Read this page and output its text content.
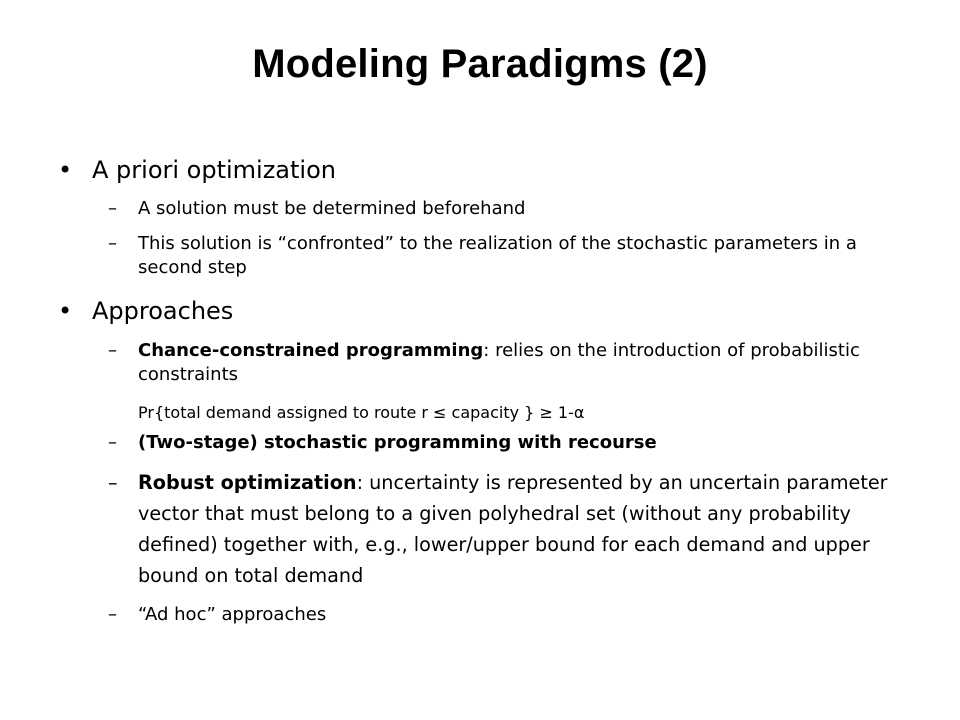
Modeling Paradigms (2)
• A priori optimization
–	A solution must be determined beforehand
–	This solution is “confronted” to the realization of the stochastic parameters in a second step
• Approaches
–	Chance-constrained programming: relies on the introduction of probabilistic constraints
Pr{total demand assigned to route r ≤ capacity } ≥ 1-α
–	(Two-stage) stochastic programming with recourse
–	Robust optimization: uncertainty is represented by an uncertain parameter vector that must belong to a given polyhedral set (without any probability defined) together with, e.g., lower/upper bound for each demand and upper bound on total demand
–	“Ad hoc” approaches
